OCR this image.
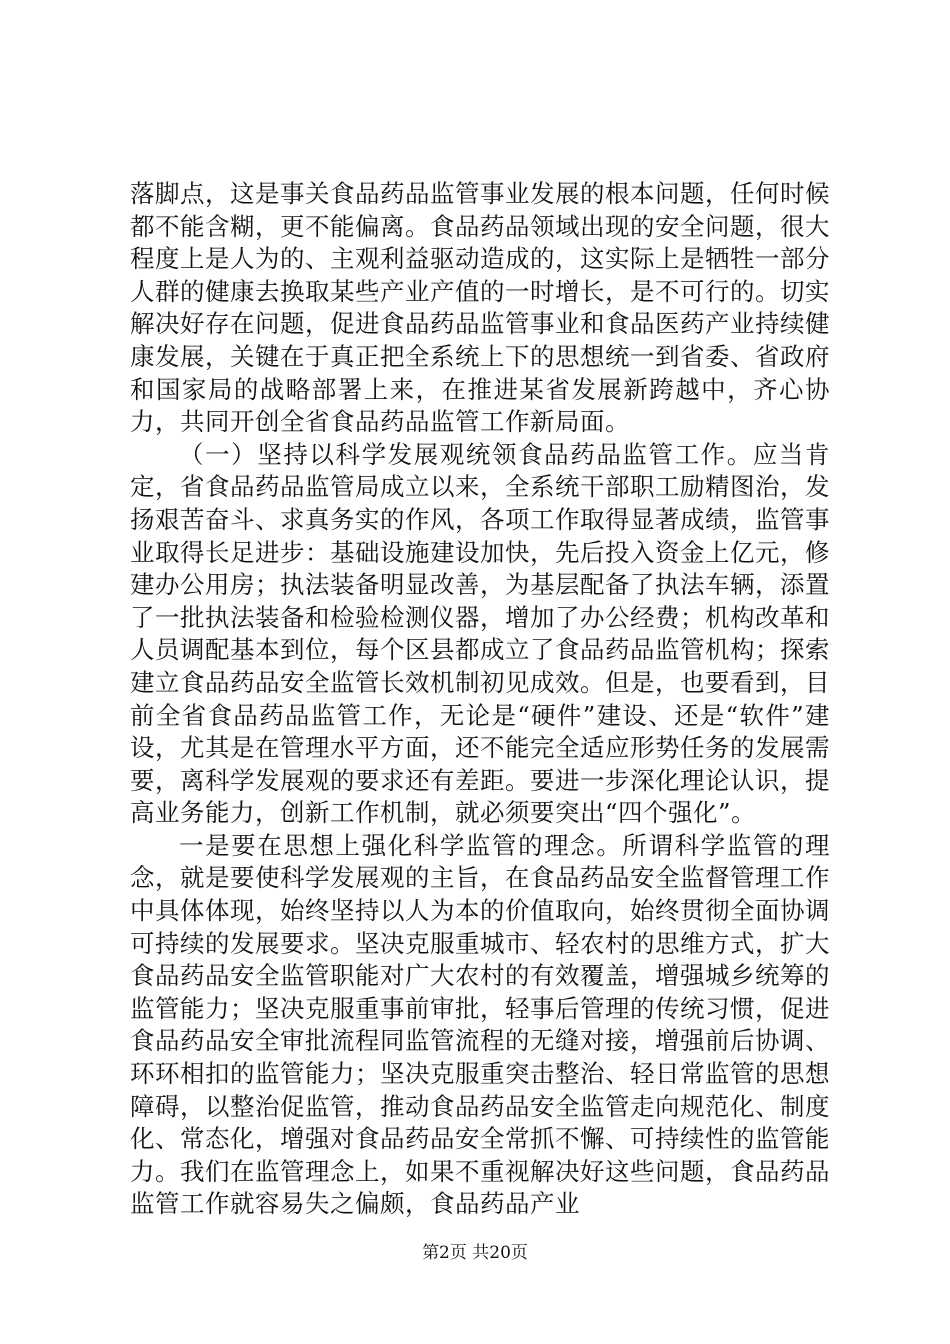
落脚点，这是事关食品药品监管事业发展的根本问题，任何时候都不能含糊，更不能偏离。食品药品领域出现的安全问题，很大程度上是人为的、主观利益驱动造成的，这实际上是牺牲一部分人群的健康去换取某些产业产值的一时增长，是不可行的。切实解决好存在问题，促进食品药品监管事业和食品医药产业持续健康发展，关键在于真正把全系统上下的思想统一到省委、省政府和国家局的战略部署上来，在推进某省发展新跨越中，齐心协力，共同开创全省食品药品监管工作新局面。

（一）坚持以科学发展观统领食品药品监管工作。应当肯定，省食品药品监管局成立以来，全系统干部职工励精图治，发扬艰苦奋斗、求真务实的作风，各项工作取得显著成绩，监管事业取得长足进步：基础设施建设加快，先后投入资金上亿元，修建办公用房；执法装备明显改善，为基层配备了执法车辆，添置了一批执法装备和检验检测仪器，增加了办公经费；机构改革和人员调配基本到位，每个区县都成立了食品药品监管机构；探索建立食品药品安全监管长效机制初见成效。但是，也要看到，目前全省食品药品监管工作，无论是“硬件”建设、还是“软件”建设，尤其是在管理水平方面，还不能完全适应形势任务的发展需要，离科学发展观的要求还有差距。要进一步深化理论认识，提高业务能力，创新工作机制，就必须要突出“四个强化”。

一是要在思想上强化科学监管的理念。所谓科学监管的理念，就是要使科学发展观的主旨，在食品药品安全监督管理工作中具体体现，始终坚持以人为本的价值取向，始终贯彻全面协调可持续的发展要求。坚决克服重城市、轻农村的思维方式，扩大食品药品安全监管职能对广大农村的有效覆盖，增强城乡统筹的监管能力；坚决克服重事前审批，轻事后管理的传统习惯，促进食品药品安全审批流程同监管流程的无缝对接，增强前后协调、环环相扣的监管能力；坚决克服重突击整治、轻日常监管的思想障碍，以整治促监管，推动食品药品安全监管走向规范化、制度化、常态化，增强对食品药品安全常抓不懈、可持续性的监管能力。我们在监管理念上，如果不重视解决好这些问题，食品药品监管工作就容易失之偏颇，食品药品产业

第2页 共20页
